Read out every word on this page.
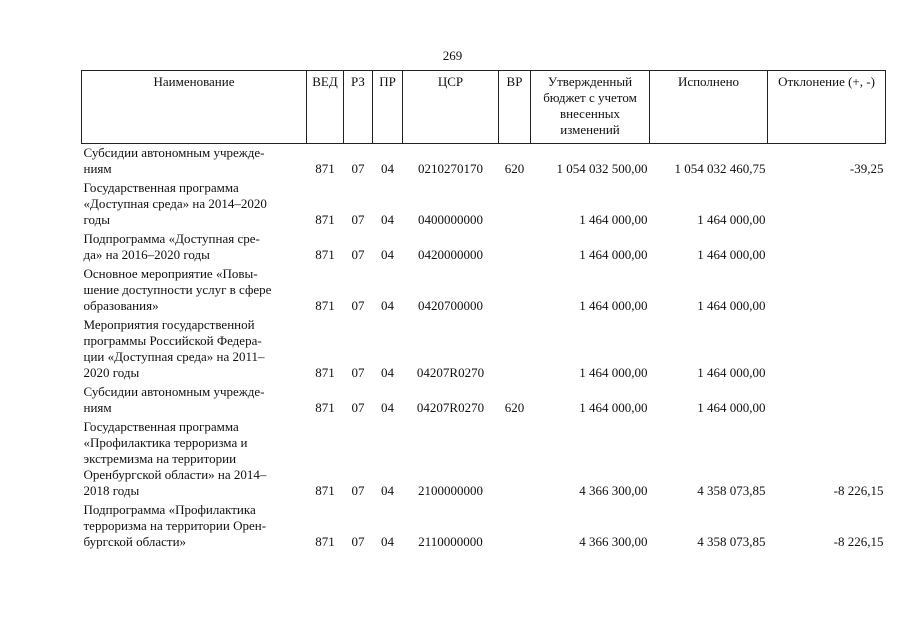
269
Наименование	ВЕД	РЗ	ПР	ЦСР	ВР	Утвержденный бюджет с учетом внесенных изменений	Исполнено	Отклонение (+, -)
Субсидии автономным учрежде-
ниям	871	07	04	0210270170	620	1 054 032 500,00	1 054 032 460,75	-39,25
Государственная программа
«Доступная среда» на 2014–2020
годы	871	07	04	0400000000		1 464 000,00	1 464 000,00	
Подпрограмма «Доступная сре-
да» на 2016–2020 годы	871	07	04	0420000000		1 464 000,00	1 464 000,00	
Основное мероприятие «Повы-
шение доступности услуг в сфере
образования»	871	07	04	0420700000		1 464 000,00	1 464 000,00	
Мероприятия государственной
программы Российской Федера-
ции «Доступная среда» на 2011–
2020 годы	871	07	04	04207R0270		1 464 000,00	1 464 000,00	
Субсидии автономным учрежде-
ниям	871	07	04	04207R0270	620	1 464 000,00	1 464 000,00	
Государственная программа
«Профилактика терроризма и
экстремизма на территории
Оренбургской области» на 2014–
2018 годы	871	07	04	2100000000		4 366 300,00	4 358 073,85	-8 226,15
Подпрограмма «Профилактика
терроризма на территории Орен-
бургской области»	871	07	04	2110000000		4 366 300,00	4 358 073,85	-8 226,15
